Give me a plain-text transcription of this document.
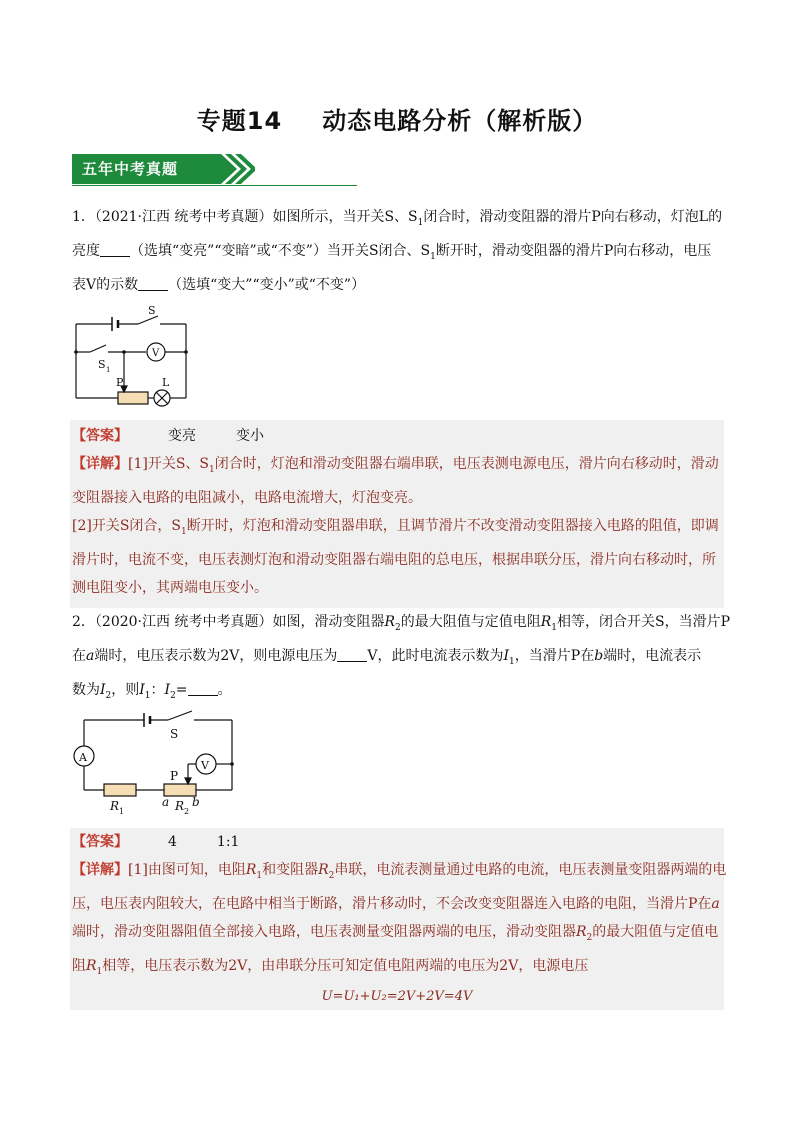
专题14 动态电路分析（解析版）
五年中考真题
1．（2021·江西 统考中考真题）如图所示，当开关S、$S_1$闭合时，滑动变阻器的滑片P向右移动，灯泡L的
亮度 （选填“变亮”“变暗”或“不变”）当开关S闭合、$S_1$断开时，滑动变阻器的滑片P向右移动，电压
表V的示数 （选填“变大”“变小”或“不变”）
S
S 1
V
P	L
【答案】	变亮	变小
【详解】[1]开关S、$S_1$闭合时，灯泡和滑动变阻器右端串联，电压表测电源电压，滑片向右移动时，滑动
变阻器接入电路的电阻减小，电路电流增大，灯泡变亮。
[2]开关S闭合，$S_1$断开时，灯泡和滑动变阻器串联，且调节滑片不改变滑动变阻器接入电路的阻值，即调
滑片时，电流不变，电压表测灯泡和滑动变阻器右端电阻的总电压，根据串联分压，滑片向右移动时，所
测电阻变小，其两端电压变小。
2．（2020·江西 统考中考真题）如图，滑动变阻器$R_2$的最大阻值与定值电阻$R_1$相等，闭合开关S，当滑片P
在a端时，电压表示数为2V，则电源电压为 V，此时电流表示数为$I_1$，当滑片P在b端时，电流表示
数为$I_2$，则$I_1$：$I_2=$ 。
S
A
V
P
R 1
a R 2
b
【答案】	4	1:1
【详解】[1]由图可知，电阻$R_1$和变阻器$R_2$串联，电流表测量通过电路的电流，电压表测量变阻器两端的电
压，电压表内阻较大，在电路中相当于断路，滑片移动时，不会改变变阻器连入电路的电阻，当滑片P在a
端时，滑动变阻器阻值全部接入电路，电压表测量变阻器两端的电压，滑动变阻器$R_2$的最大阻值与定值电
阻$R_1$相等，电压表示数为2V，由串联分压可知定值电阻两端的电压为2V，电源电压
U=U₁+U₂=2V+2V=4V
